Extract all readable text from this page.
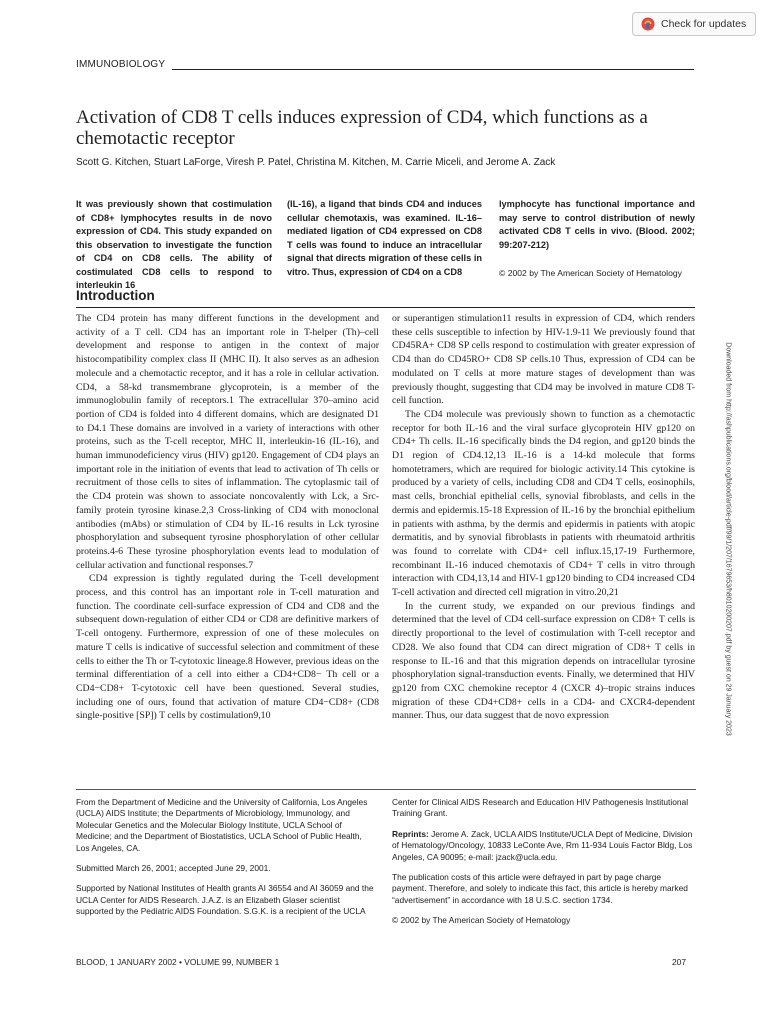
Check for updates
IMMUNOBIOLOGY
Activation of CD8 T cells induces expression of CD4, which functions as a chemotactic receptor
Scott G. Kitchen, Stuart LaForge, Viresh P. Patel, Christina M. Kitchen, M. Carrie Miceli, and Jerome A. Zack
It was previously shown that costimulation of CD8+ lymphocytes results in de novo expression of CD4. This study expanded on this observation to investigate the function of CD4 on CD8 cells. The ability of costimulated CD8 cells to respond to interleukin 16
(IL-16), a ligand that binds CD4 and induces cellular chemotaxis, was examined. IL-16–mediated ligation of CD4 expressed on CD8 T cells was found to induce an intracellular signal that directs migration of these cells in vitro. Thus, expression of CD4 on a CD8
lymphocyte has functional importance and may serve to control distribution of newly activated CD8 T cells in vivo. (Blood. 2002; 99:207-212)
© 2002 by The American Society of Hematology
Introduction

The CD4 protein has many different functions in the development and activity of a T cell. CD4 has an important role in T-helper (Th)–cell development and response to antigen in the context of major histocompatibility complex class II (MHC II). It also serves as an adhesion molecule and a chemotactic receptor, and it has a role in cellular activation. CD4, a 58-kd transmembrane glycoprotein, is a member of the immunoglobulin family of receptors.1 The extracellular 370–amino acid portion of CD4 is folded into 4 different domains, which are designated D1 to D4.1 These domains are involved in a variety of interactions with other proteins, such as the T-cell receptor, MHC II, interleukin-16 (IL-16), and human immunodeficiency virus (HIV) gp120. Engagement of CD4 plays an important role in the initiation of events that lead to activation of Th cells or recruitment of those cells to sites of inflammation. The cytoplasmic tail of the CD4 protein was shown to associate noncovalently with Lck, a Src-family protein tyrosine kinase.2,3 Cross-linking of CD4 with monoclonal antibodies (mAbs) or stimulation of CD4 by IL-16 results in Lck tyrosine phosphorylation and subsequent tyrosine phosphorylation of other cellular proteins.4-6 These tyrosine phosphorylation events lead to modulation of cellular activation and functional responses.7

CD4 expression is tightly regulated during the T-cell development process, and this control has an important role in T-cell maturation and function. The coordinate cell-surface expression of CD4 and CD8 and the subsequent down-regulation of either CD4 or CD8 are definitive markers of T-cell ontogeny. Furthermore, expression of one of these molecules on mature T cells is indicative of successful selection and commitment of these cells to either the Th or T-cytotoxic lineage.8 However, previous ideas on the terminal differentiation of a cell into either a CD4+CD8− Th cell or a CD4−CD8+ T-cytotoxic cell have been questioned. Several studies, including one of ours, found that activation of mature CD4−CD8+ (CD8 single-positive [SP]) T cells by costimulation9,10

or superantigen stimulation11 results in expression of CD4, which renders these cells susceptible to infection by HIV-1.9-11 We previously found that CD45RA+ CD8 SP cells respond to costimulation with greater expression of CD4 than do CD45RO+ CD8 SP cells.10 Thus, expression of CD4 can be modulated on T cells at more mature stages of development than was previously thought, suggesting that CD4 may be involved in mature CD8 T-cell function.

The CD4 molecule was previously shown to function as a chemotactic receptor for both IL-16 and the viral surface glycoprotein HIV gp120 on CD4+ Th cells. IL-16 specifically binds the D4 region, and gp120 binds the D1 region of CD4.12,13 IL-16 is a 14-kd molecule that forms homotetramers, which are required for biologic activity.14 This cytokine is produced by a variety of cells, including CD8 and CD4 T cells, eosinophils, mast cells, bronchial epithelial cells, synovial fibroblasts, and cells in the dermis and epidermis.15-18 Expression of IL-16 by the bronchial epithelium in patients with asthma, by the dermis and epidermis in patients with atopic dermatitis, and by synovial fibroblasts in patients with rheumatoid arthritis was found to correlate with CD4+ cell influx.15,17-19 Furthermore, recombinant IL-16 induced chemotaxis of CD4+ T cells in vitro through interaction with CD4,13,14 and HIV-1 gp120 binding to CD4 increased CD4 T-cell activation and directed cell migration in vitro.20,21

In the current study, we expanded on our previous findings and determined that the level of CD4 cell-surface expression on CD8+ T cells is directly proportional to the level of costimulation with T-cell receptor and CD28. We also found that CD4 can direct migration of CD8+ T cells in response to IL-16 and that this migration depends on intracellular tyrosine phosphorylation signal-transduction events. Finally, we determined that HIV gp120 from CXC chemokine receptor 4 (CXCR 4)–tropic strains induces migration of these CD4+CD8+ cells in a CD4- and CXCR4-dependent manner. Thus, our data suggest that de novo expression	Downloaded from http://ashpublications.org/blood/article-pdf/99/1/207/1679653/h8010200207.pdf by guest on 29 January 2023

From the Department of Medicine and the University of California, Los Angeles (UCLA) AIDS Institute; the Departments of Microbiology, Immunology, and Molecular Genetics and the Molecular Biology Institute, UCLA School of Medicine; and the Department of Biostatistics, UCLA School of Public Health, Los Angeles, CA.

Submitted March 26, 2001; accepted June 29, 2001.

Supported by National Institutes of Health grants AI 36554 and AI 36059 and the UCLA Center for AIDS Research. J.A.Z. is an Elizabeth Glaser scientist supported by the Pediatric AIDS Foundation. S.G.K. is a recipient of the UCLA

Center for Clinical AIDS Research and Education HIV Pathogenesis Institutional Training Grant.

Reprints: Jerome A. Zack, UCLA AIDS Institute/UCLA Dept of Medicine, Division of Hematology/Oncology, 10833 LeConte Ave, Rm 11-934 Louis Factor Bldg, Los Angeles, CA 90095; e-mail: jzack@ucla.edu.

The publication costs of this article were defrayed in part by page charge payment. Therefore, and solely to indicate this fact, this article is hereby marked “advertisement” in accordance with 18 U.S.C. section 1734.

© 2002 by The American Society of Hematology

BLOOD, 1 JANUARY 2002 • VOLUME 99, NUMBER 1	207
